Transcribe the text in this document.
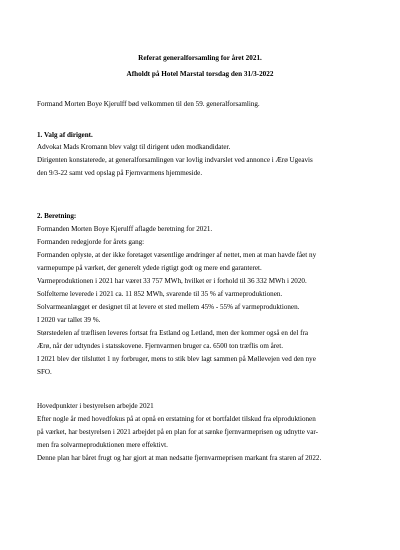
Referat generalforsamling for året 2021.
Afholdt på Hotel Marstal torsdag den 31/3-2022
Formand Morten Boye Kjerulff bød velkommen til den 59. generalforsamling.
1. Valg af dirigent.
Advokat Mads Kromann blev valgt til dirigent uden modkandidater.
Dirigenten konstaterede, at generalforsamlingen var lovlig indvarslet ved annonce i Ærø Ugeavis
den 9/3-22 samt ved opslag på Fjernvarmens hjemmeside.
2. Beretning:
Formanden Morten Boye Kjerulff aflagde beretning for 2021.
Formanden redegjorde for årets gang:
Formanden oplyste, at der ikke foretaget væsentlige ændringer af nettet, men at man havde fået ny
varmepumpe på værket, der generelt ydede rigtigt godt og mere end garanteret.
Varmeproduktionen i 2021 har været 33 757 MWh, hvilket er i forhold til 36 332 MWh i 2020.
Solfelterne leverede i 2021 ca. 11 852 MWh, svarende til 35 % af varmeproduktionen.
Solvarmeanlægget er designet til at levere et sted mellem 45% - 55% af varmeproduktionen.
I 2020 var tallet 39 %.
Størstedelen af træflisen leveres fortsat fra Estland og Letland, men der kommer også en del fra
Ærø, når der udtyndes i statsskovene. Fjernvarmen bruger ca. 6500 ton træflis om året.
I 2021 blev der tilsluttet 1 ny forbruger, mens to stik blev lagt sammen på Møllevejen ved den nye
SFO.
Hovedpunkter i bestyrelsen arbejde 2021
Efter nogle år med hovedfokus på at opnå en erstatning for et bortfaldet tilskud fra elproduktionen
på værket, har bestyrelsen i 2021 arbejdet på en plan for at sænke fjernvarmeprisen og udnytte var-
men fra solvarmeproduktionen mere effektivt.
Denne plan har båret frugt og har gjort at man nedsatte fjernvarmeprisen markant fra staren af 2022.
